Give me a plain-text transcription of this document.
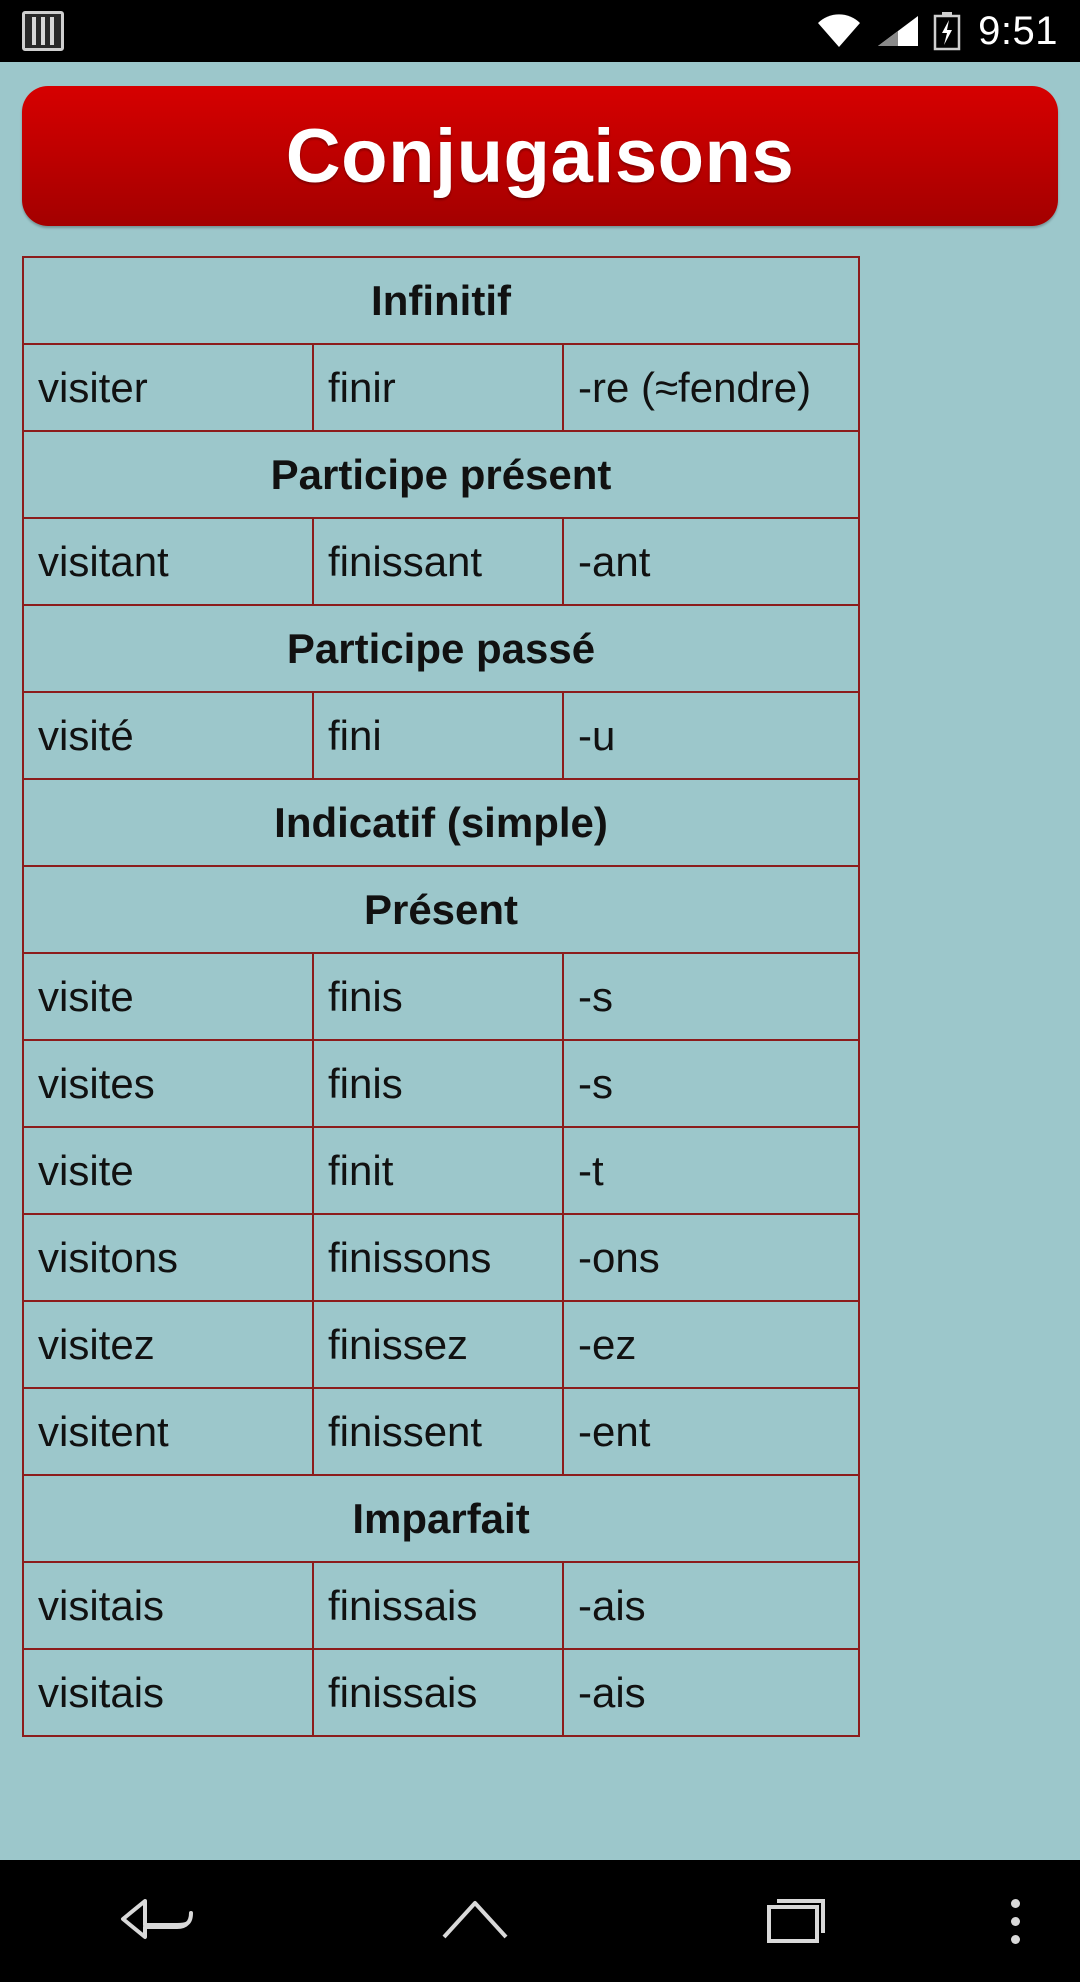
9:51
Conjugaisons
Infinitif		
visiter	finir	-re (≈fendre)
Participe présent		
visitant	finissant	-ant
Participe passé		
visité	fini	-u
Indicatif (simple)		
Présent		
visite	finis	-s
visites	finis	-s
visite	finit	-t
visitons	finissons	-ons
visitez	finissez	-ez
visitent	finissent	-ent
Imparfait		
visitais	finissais	-ais
visitais	finissais	-ais
